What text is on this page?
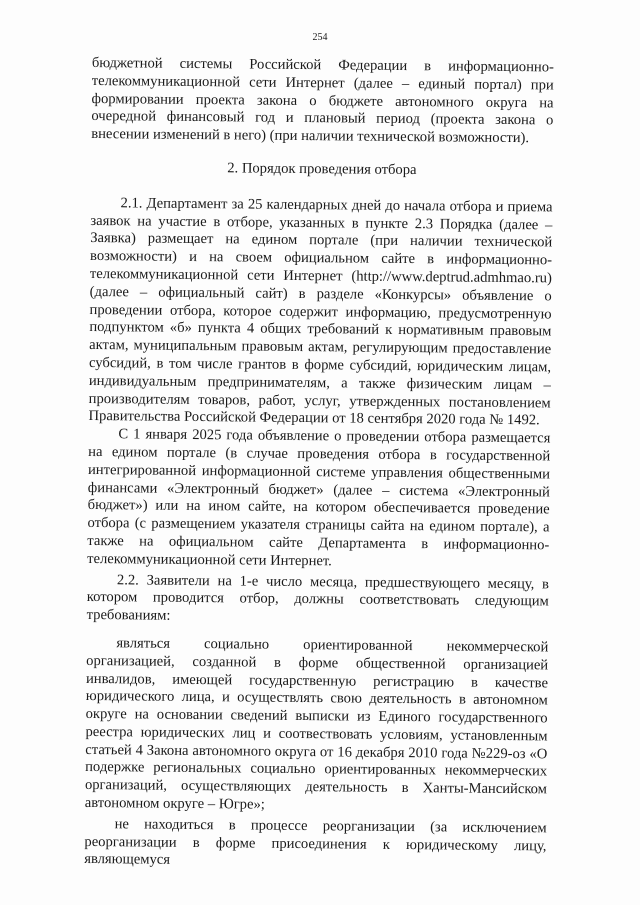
254

бюджетной системы Российской Федерации в информационно-телекоммуникационной сети Интернет (далее – единый портал) при формировании проекта закона о бюджете автономного округа на очередной финансовый год и плановый период (проекта закона о внесении изменений в него) (при наличии технической возможности).

2. Порядок проведения отбора

2.1. Департамент за 25 календарных дней до начала отбора и приема заявок на участие в отборе, указанных в пункте 2.3 Порядка (далее – Заявка) размещает на едином портале (при наличии технической возможности) и на своем официальном сайте в информационно-телекоммуникационной сети Интернет (http://www.deptrud.admhmao.ru) (далее – официальный сайт) в разделе «Конкурсы» объявление о проведении отбора, которое содержит информацию, предусмотренную подпунктом «б» пункта 4 общих требований к нормативным правовым актам, муниципальным правовым актам, регулирующим предоставление субсидий, в том числе грантов в форме субсидий, юридическим лицам, индивидуальным предпринимателям, а также физическим лицам – производителям товаров, работ, услуг, утвержденных постановлением Правительства Российской Федерации от 18 сентября 2020 года № 1492.

С 1 января 2025 года объявление о проведении отбора размещается на едином портале (в случае проведения отбора в государственной интегрированной информационной системе управления общественными финансами «Электронный бюджет» (далее – система «Электронный бюджет») или на ином сайте, на котором обеспечивается проведение отбора (с размещением указателя страницы сайта на едином портале), а также на официальном сайте Департамента в информационно-телекоммуникационной сети Интернет.

2.2. Заявители на 1-е число месяца, предшествующего месяцу, в котором проводится отбор, должны соответствовать следующим требованиям:

являться социально ориентированной некоммерческой организацией, созданной в форме общественной организацией инвалидов, имеющей государственную регистрацию в качестве юридического лица, и осуществлять свою деятельность в автономном округе на основании сведений выписки из Единого государственного реестра юридических лиц и соотвествовать условиям, установленным статьей 4 Закона автономного округа от 16 декабря 2010 года №229-оз «О подержке региональных социально ориентированных некоммерческих организаций, осуществляющих деятельность в Ханты-Мансийском автономном округе – Югре»;

не находиться в процессе реорганизации (за исключением реорганизации в форме присоединения к юридическому лицу, являющемуся
